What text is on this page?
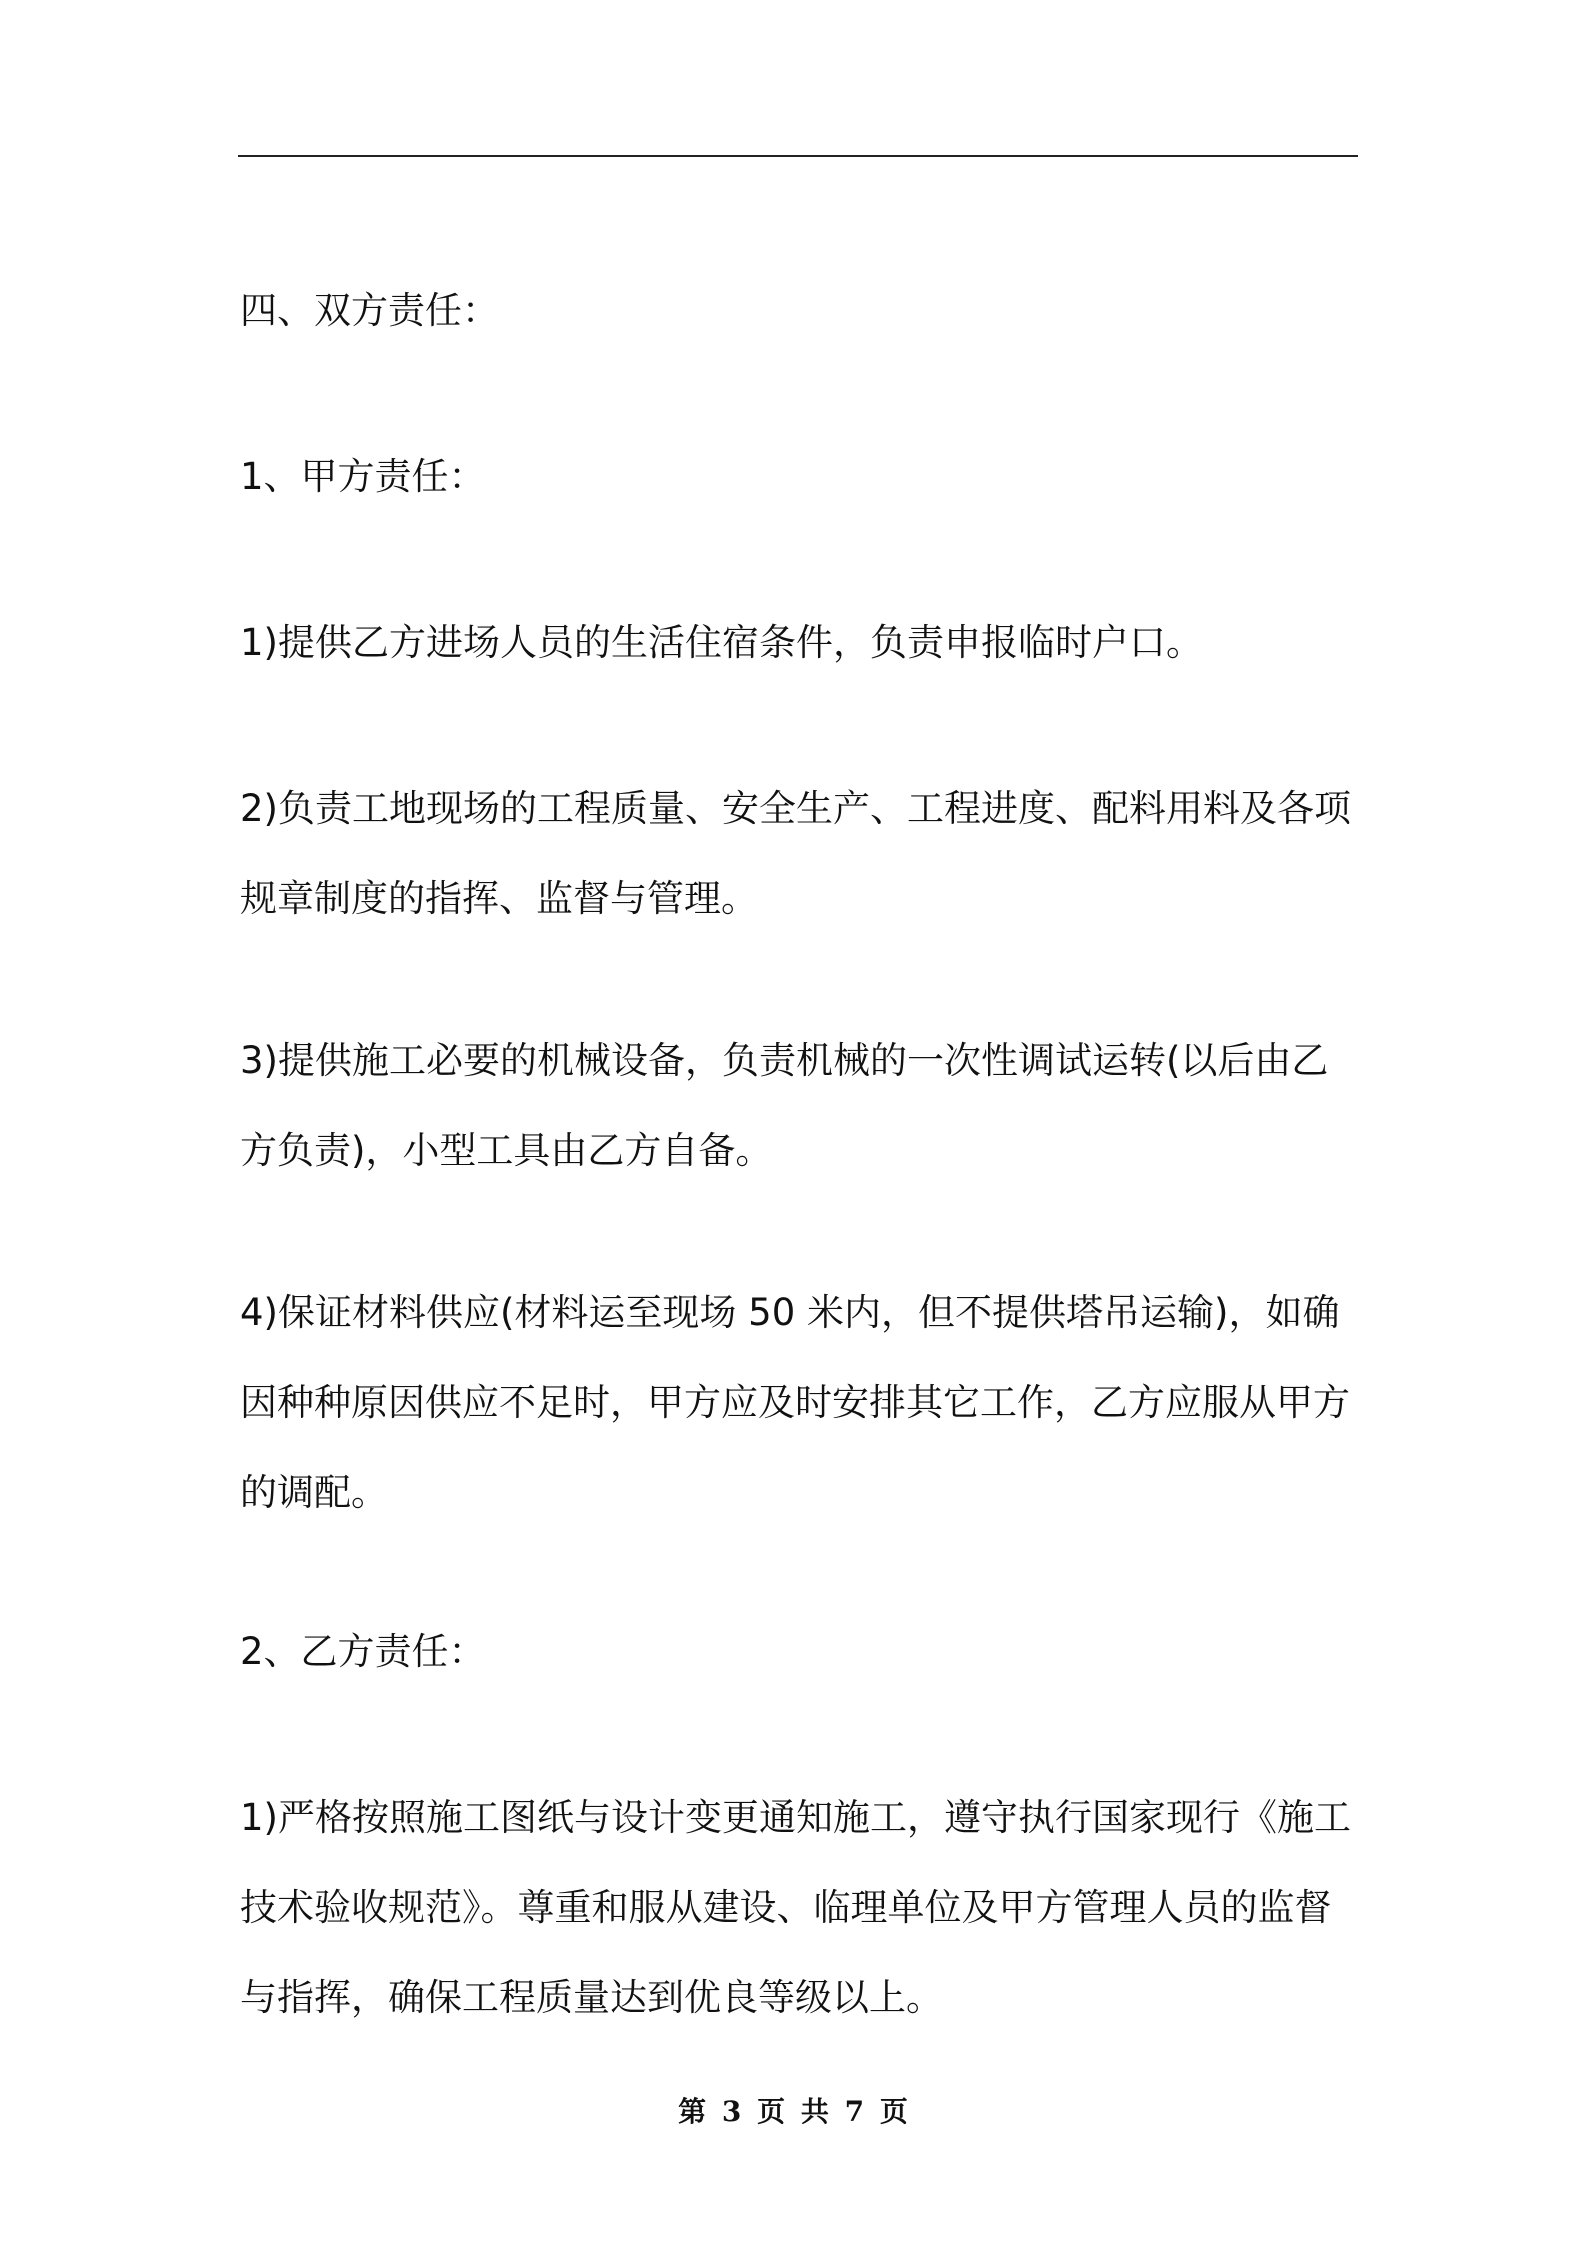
四、双方责任：

1、甲方责任：

1)提供乙方进场人员的生活住宿条件，负责申报临时户口。

2)负责工地现场的工程质量、安全生产、工程进度、配料用料及各项
规章制度的指挥、监督与管理。

3)提供施工必要的机械设备，负责机械的一次性调试运转(以后由乙
方负责)，小型工具由乙方自备。

4)保证材料供应(材料运至现场 50 米内，但不提供塔吊运输)，如确
因种种原因供应不足时，甲方应及时安排其它工作，乙方应服从甲方
的调配。

2、乙方责任：

1)严格按照施工图纸与设计变更通知施工，遵守执行国家现行《施工
技术验收规范》。尊重和服从建设、临理单位及甲方管理人员的监督
与指挥，确保工程质量达到优良等级以上。

第 3 页 共 7 页
